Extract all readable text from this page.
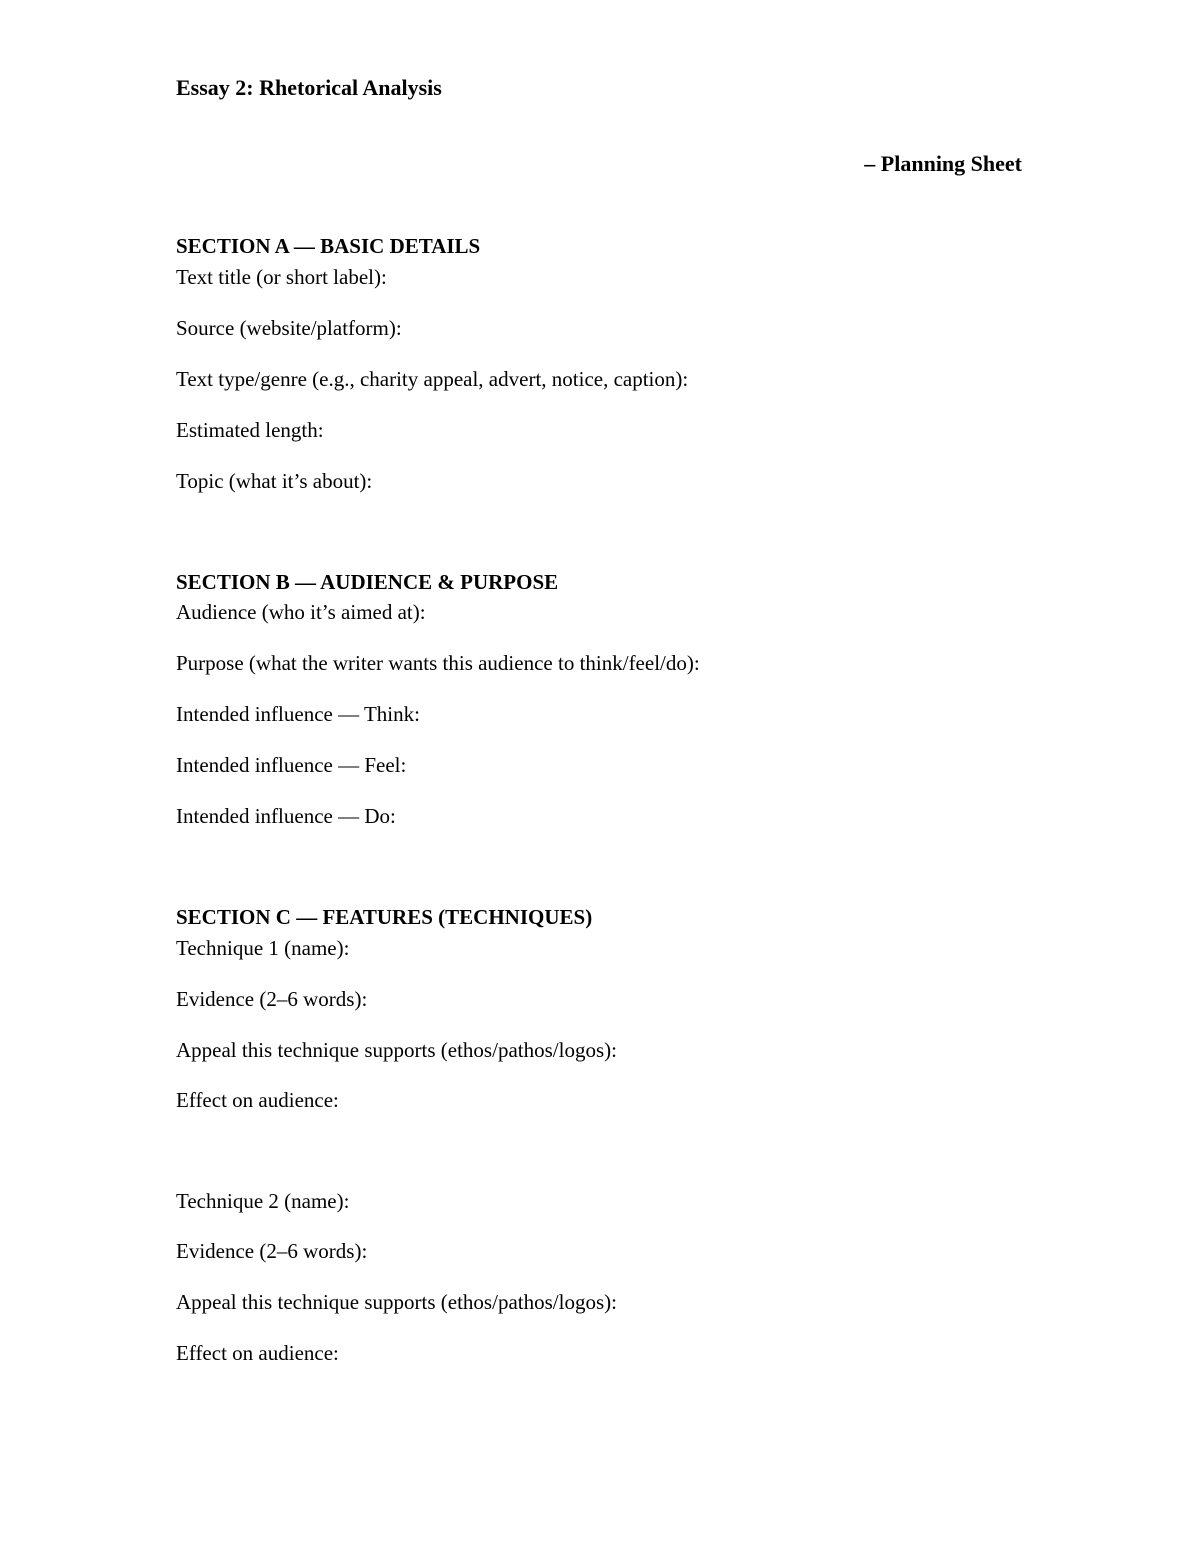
Essay 2: Rhetorical Analysis
– Planning Sheet
SECTION A — BASIC DETAILS
Text title (or short label):
Source (website/platform):
Text type/genre (e.g., charity appeal, advert, notice, caption):
Estimated length:
Topic (what it’s about):
SECTION B — AUDIENCE & PURPOSE
Audience (who it’s aimed at):
Purpose (what the writer wants this audience to think/feel/do):
Intended influence — Think:
Intended influence — Feel:
Intended influence — Do:
SECTION C — FEATURES (TECHNIQUES)
Technique 1 (name):
Evidence (2–6 words):
Appeal this technique supports (ethos/pathos/logos):
Effect on audience:
Technique 2 (name):
Evidence (2–6 words):
Appeal this technique supports (ethos/pathos/logos):
Effect on audience:
